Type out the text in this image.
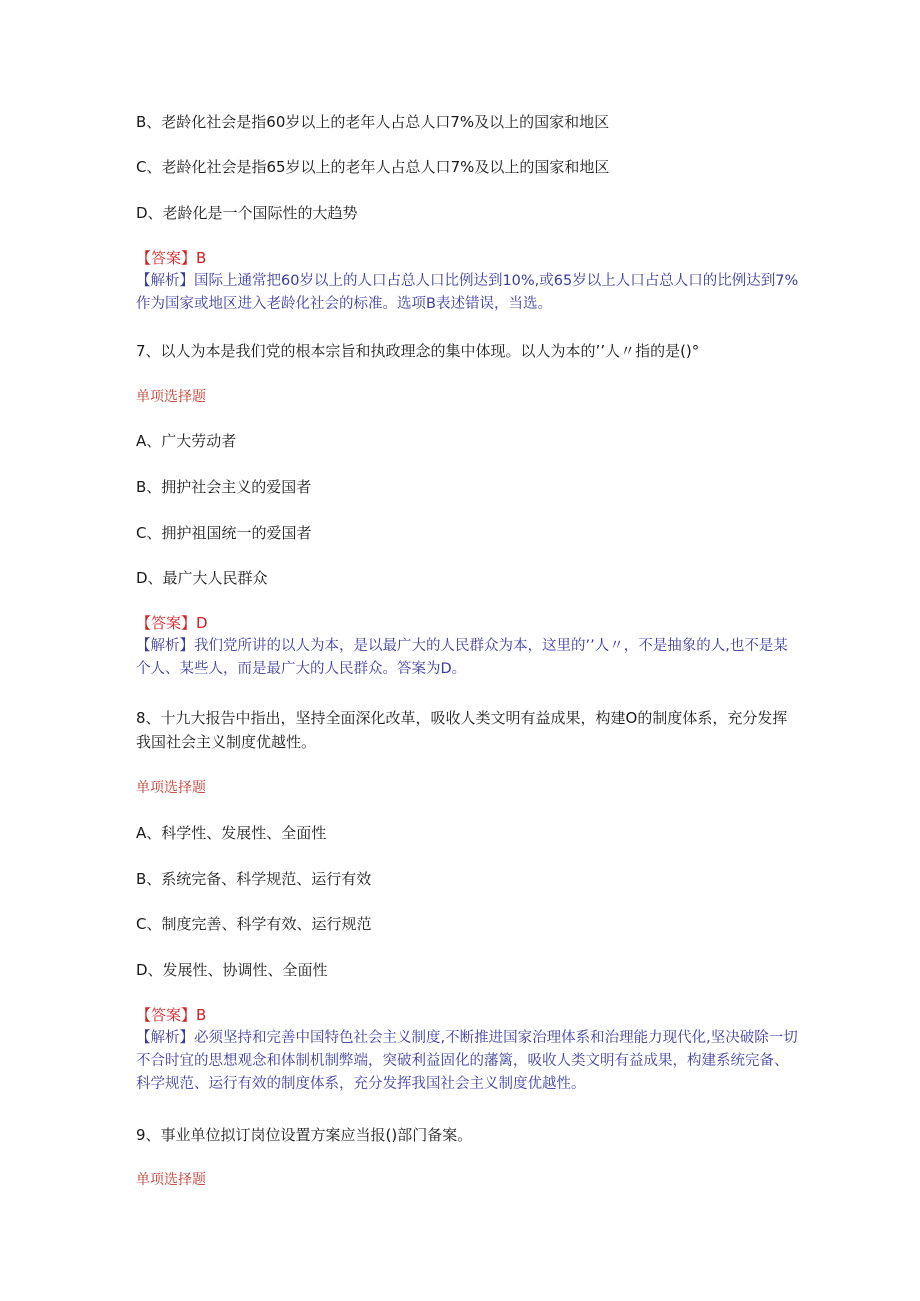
B、老龄化社会是指60岁以上的老年人占总人口7%及以上的国家和地区
C、老龄化社会是指65岁以上的老年人占总人口7%及以上的国家和地区
D、老龄化是一个国际性的大趋势
【答案】B
【解析】国际上通常把60岁以上的人口占总人口比例达到10%,或65岁以上人口占总人口的比例达到7%作为国家或地区进入老龄化社会的标准。选项B表述错误，当选。
7、以人为本是我们党的根本宗旨和执政理念的集中体现。以人为本的’’人〃指的是()°
单项选择题
A、广大劳动者
B、拥护社会主义的爱国者
C、拥护祖国统一的爱国者
D、最广大人民群众
【答案】D
【解析】我们党所讲的以人为本，是以最广大的人民群众为本，这里的’’人〃，不是抽象的人,也不是某个人、某些人，而是最广大的人民群众。答案为D。
8、十九大报告中指出，坚持全面深化改革，吸收人类文明有益成果，构建O的制度体系，充分发挥我国社会主义制度优越性。
单项选择题
A、科学性、发展性、全面性
B、系统完备、科学规范、运行有效
C、制度完善、科学有效、运行规范
D、发展性、协调性、全面性
【答案】B
【解析】必须坚持和完善中国特色社会主义制度,不断推进国家治理体系和治理能力现代化,坚决破除一切不合时宜的思想观念和体制机制弊端，突破利益固化的藩篱，吸收人类文明有益成果，构建系统完备、科学规范、运行有效的制度体系，充分发挥我国社会主义制度优越性。
9、事业单位拟订岗位设置方案应当报()部门备案。
单项选择题
